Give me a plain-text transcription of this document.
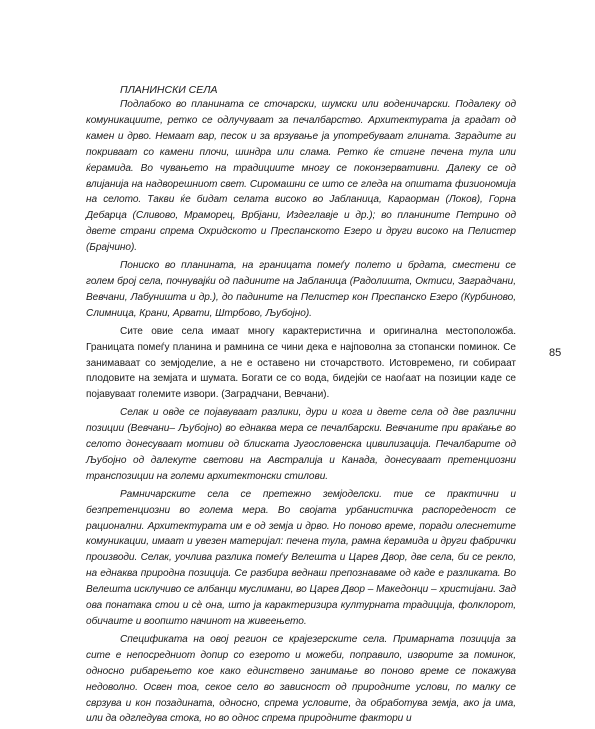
ПЛАНИНСКИ СЕЛА

Подлабоко во планината се сточарски, шумски или воденичарски. Подалеку од комуникациите, ретко се одлучуваат за печалбарство. Архитектурата ја градат од камен и дрво. Немаат вар, песок и за врзување ја употребуваат глината. Зградите ги покриваат со камени плочи, шиндра или слама. Ретко ќе стигне печена тула или ќерамида. Во чувањето на традициите многу се поконзервативни. Далеку се од влијанија на надворешниот свет. Сиромашни се што се гледа на општата физиономија на селото. Такви ќе бидат селата високо во Јабланица, Караорман (Локов), Горна Дебарца (Сливово, Мраморец, Врбјани, Издеглавје и др.); во планините Петрино од двете страни спрема Охридското и Преспанското Езеро и други високо на Пелистер (Брајчино).

Пониско во планината, на границата помеѓу полето и брдата, сместени се голем број села, почнувајќи од падините на Јабланица (Радолишта, Октиси, Заградчани, Вевчани, Лабуништа и др.), до падините на Пелистер кон Преспанско Езеро (Курбиново, Слимница, Крани, Арвати, Штрбово, Љубојно).

Сите овие села имаат многу карактеристична и оригинална местоположба. Границата помеѓу планина и рамнина се чини дека е најповолна за стопански поминок. Се занимаваат со земјоделие, а не е оставено ни сточарството. Истовремено, ги собираат плодовите на земјата и шумата. Богати се со вода, бидејќи се наоѓаат на позиции каде се појавуваат големите извори. (Заградчани, Вевчани).

Селак и овде се појавуваат разлики, дури и кога и двете села од две различни позиции (Вевчани– Љубојно) во еднаква мера се печалбарски. Вевчаните при враќање во селото донесуваат мотиви од блиската Југословенска цивилизација. Печалбарите од Љубојно од далекуте светови на Австралија и Канада, донесуваат претенциозни транспозиции на големи архитектонски стилови.

Рамничарските села се претежно земјоделски. тие се практични и безпретенциозни во голема мера. Во својата урбанистичка распореденост се рационални. Архитектурата им е од земја и дрво. Но поново време, поради олеснетите комуникации, имаат и увезен материјал: печена тула, рамна ќерамида и други фабрички производи. Селак, уочлива разлика помеѓу Велешта и Царев Двор, две села, би се рекло, на еднаква природна позиција. Се разбира веднаш препознаваме од каде е разликата. Во Велешта исклучиво се албанци муслимани, во Царев Двор – Македонци – христијани. Зад ова понатака стои и сè она, што ја карактеризира културната традиција, фолклорот, обичаите и воопшто начинот на живеењето.

Спецификата на овој регион се крајезерските села. Примарната позиција за сите е непосредниот допир со езерото и можеби, поправило, изворите за поминок, односно рибарењето кое како единствено занимање во поново време се покажува недоволно. Освен тоа, секое село во зависност од природните услови, по малку се сврзува и кон позадината, односно, спрема условите, да обработува земја, ако ја има, или да одгледува стока, но во однос спрема природните фактори и

85
